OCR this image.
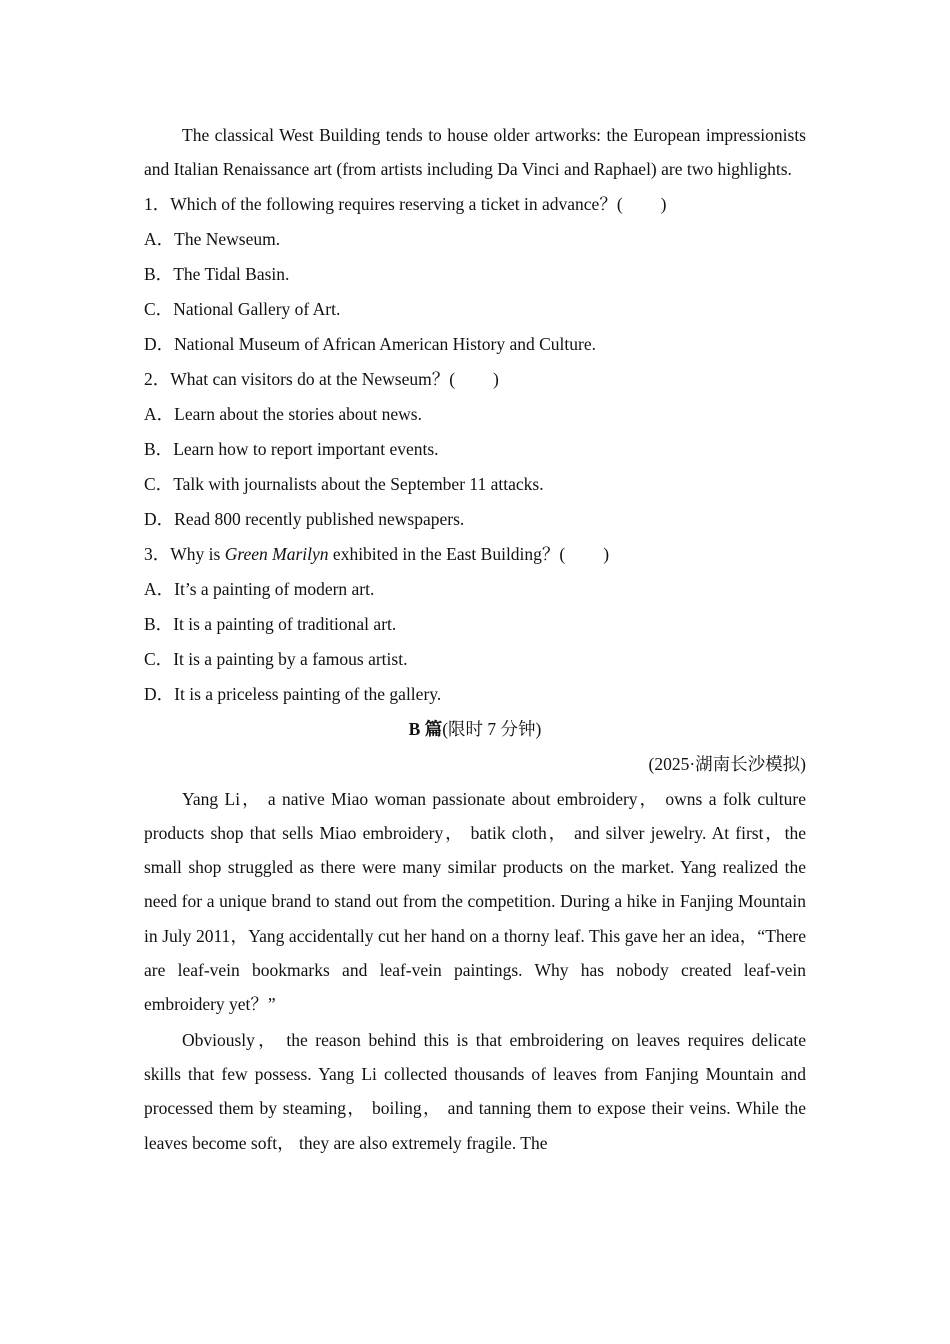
The classical West Building tends to house older artworks: the European impressionists and Italian Renaissance art (from artists including Da Vinci and Raphael) are two highlights.

1．Which of the following requires reserving a ticket in advance？( )

A．The Newseum.

B．The Tidal Basin.

C．National Gallery of Art.

D．National Museum of African American History and Culture.

2．What can visitors do at the Newseum？( )

A．Learn about the stories about news.

B．Learn how to report important events.

C．Talk with journalists about the September 11 attacks.

D．Read 800 recently published newspapers.

3．Why is Green Marilyn exhibited in the East Building？( )

A．It’s a painting of modern art.

B．It is a painting of traditional art.

C．It is a painting by a famous artist.

D．It is a priceless painting of the gallery.

B 篇(限时 7 分钟)

(2025·湖南长沙模拟)

Yang Li， a native Miao woman passionate about embroidery， owns a folk culture products shop that sells Miao embroidery， batik cloth， and silver jewelry. At first，the small shop struggled as there were many similar products on the market. Yang realized the need for a unique brand to stand out from the competition. During a hike in Fanjing Mountain in July 2011，Yang accidentally cut her hand on a thorny leaf. This gave her an idea，“There are leaf-vein bookmarks and leaf-vein paintings. Why has nobody created leaf-vein embroidery yet？”

Obviously， the reason behind this is that embroidering on leaves requires delicate skills that few possess. Yang Li collected thousands of leaves from Fanjing Mountain and processed them by steaming， boiling， and tanning them to expose their veins. While the leaves become soft， they are also extremely fragile. The
